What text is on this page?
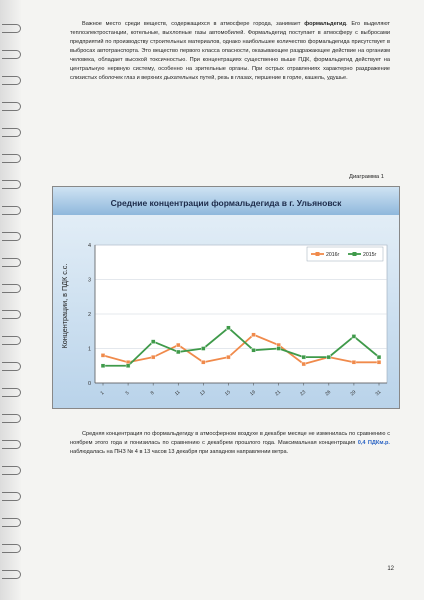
Важное место среди веществ, содержащихся в атмосфере города, занимает формальдегид. Его выделяют теплоэлектростанции, котельные, выхлопные газы автомобилей. Формальдегид поступает в атмосферу с выбросами предприятий по производству строительных материалов, однако наибольшее количество формальдегида присутствует в выбросах автотранспорта. Это вещество первого класса опасности, оказывающее раздражающее действие на организм человека, обладает высокой токсичностью. При концентрациях существенно выше ПДК, формальдегид действует на центральную нервную систему, особенно на зрительные органы. При острых отравлениях характерно раздражение слизистых оболочек глаз и верхних дыхательных путей, резь в глазах, першение в горле, кашель, удушье.

Диаграмма 1
Средние концентрации формальдегида в г. Ульяновск
Концентрации, в ПДК с.с.
0
1
2
3
4
1	5	8	11	13	15	19	21	23	26	29	31
2016г	2015г

Средняя концентрация по формальдегиду в атмосферном воздухе в декабре месяце не изменилась по сравнению с ноябрем этого года и понизилась по сравнению с декабрем прошлого года. Максимальная концентрация 0,4 ПДКм.р. наблюдалась на ПНЗ № 4 в 13 часов 13 декабря при западном направлении ветра.

12
